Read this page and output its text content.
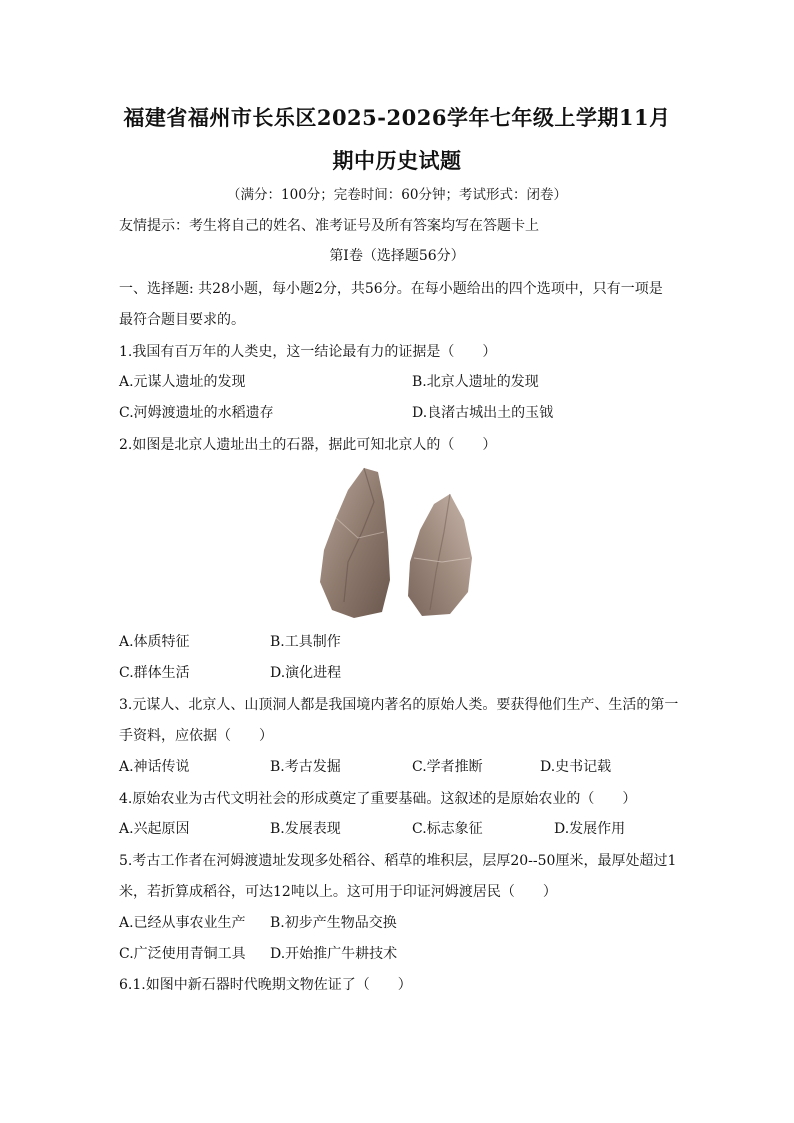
福建省福州市长乐区2025-2026学年七年级上学期11月
期中历史试题
（满分：100分；完卷时间：60分钟；考试形式：闭卷）
友情提示：考生将自己的姓名、准考证号及所有答案均写在答题卡上
第Ⅰ卷（选择题56分）
一、选择题: 共28小题，每小题2分，共56分。在每小题给出的四个选项中，只有一项是
最符合题目要求的。
1.我国有百万年的人类史，这一结论最有力的证据是（　　）
A.元谋人遗址的发现	B.北京人遗址的发现
C.河姆渡遗址的水稻遗存	D.良渚古城出土的玉钺
2.如图是北京人遗址出土的石器，据此可知北京人的（　　）
A.体质特征	B.工具制作
C.群体生活	D.演化进程
3.元谋人、北京人、山顶洞人都是我国境内著名的原始人类。要获得他们生产、生活的第一
手资料，应依据（　　）
A.神话传说	B.考古发掘	C.学者推断	D.史书记载
4.原始农业为古代文明社会的形成奠定了重要基础。这叙述的是原始农业的（　　）
A.兴起原因	B.发展表现	C.标志象征	D.发展作用
5.考古工作者在河姆渡遗址发现多处稻谷、稻草的堆积层，层厚20--50厘米，最厚处超过1
米，若折算成稻谷，可达12吨以上。这可用于印证河姆渡居民（　　）
A.已经从事农业生产 B.初步产生物品交换
C.广泛使用青铜工具 D.开始推广牛耕技术
6.1.如图中新石器时代晚期文物佐证了（　　）
